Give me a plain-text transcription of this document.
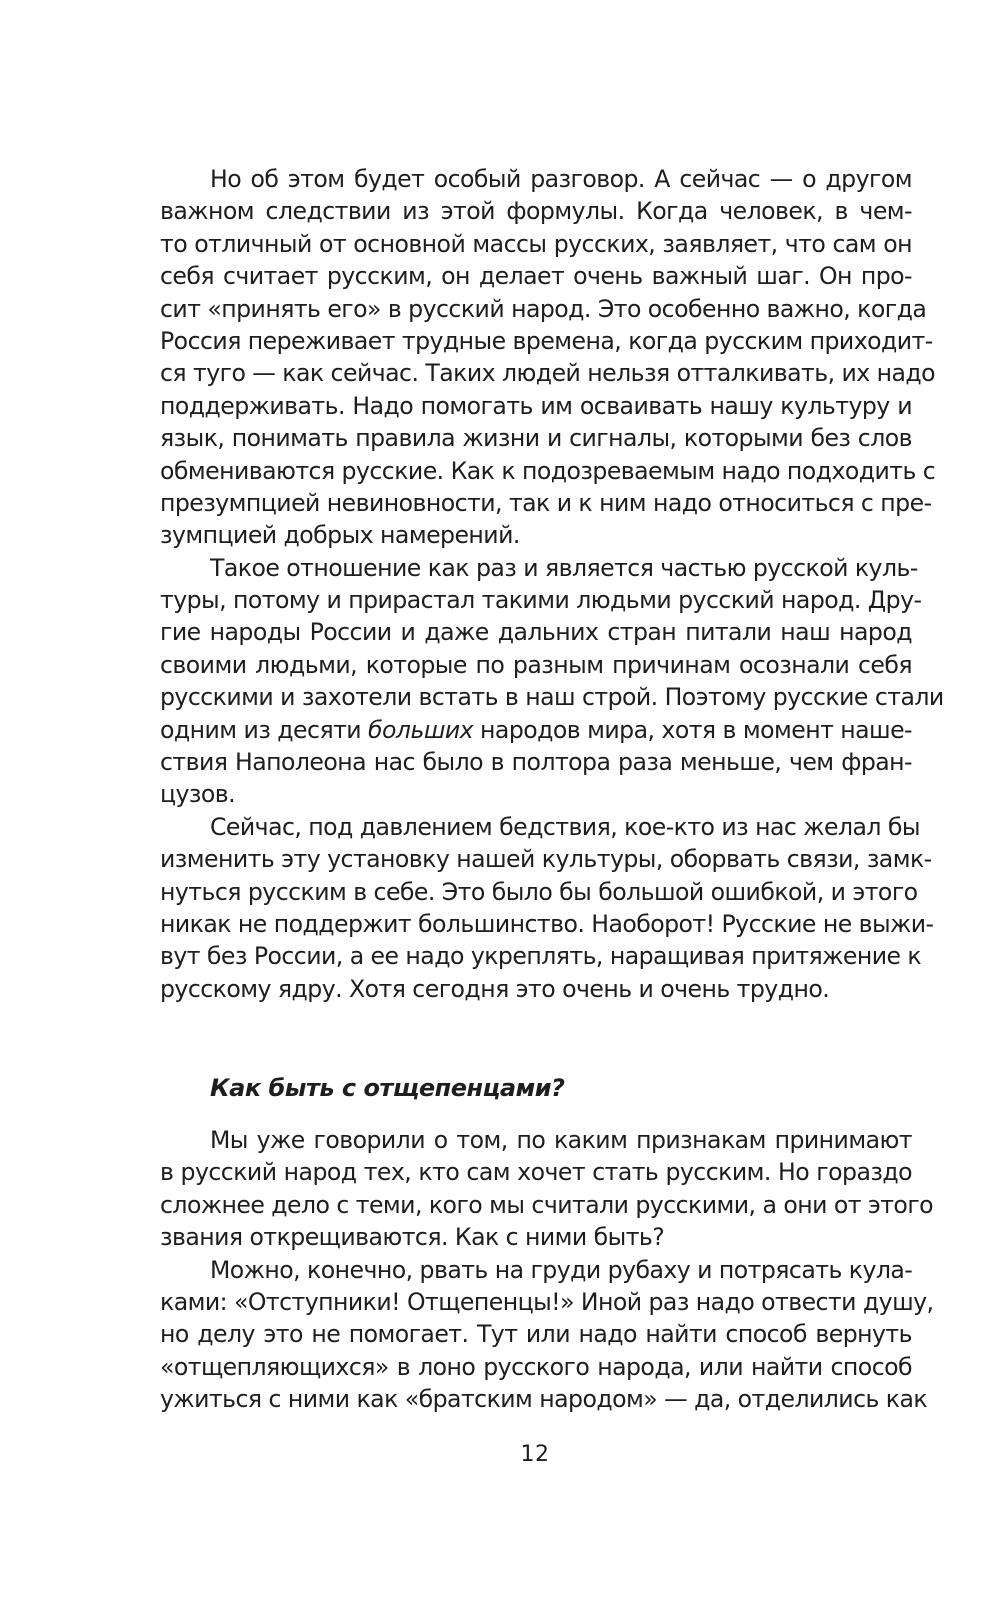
Но об этом будет особый разговор. А сейчас — о другом
важном следствии из этой формулы. Когда человек, в чем-
то отличный от основной массы русских, заявляет, что сам он
себя считает русским, он делает очень важный шаг. Он про-
сит «принять его» в русский народ. Это особенно важно, когда
Россия переживает трудные времена, когда русским приходит-
ся туго — как сейчас. Таких людей нельзя отталкивать, их надо
поддерживать. Надо помогать им осваивать нашу культуру и
язык, понимать правила жизни и сигналы, которыми без слов
обмениваются русские. Как к подозреваемым надо подходить с
презумпцией невиновности, так и к ним надо относиться с пре-
зумпцией добрых намерений.
Такое отношение как раз и является частью русской куль-
туры, потому и прирастал такими людьми русский народ. Дру-
гие народы России и даже дальних стран питали наш народ
своими людьми, которые по разным причинам осознали себя
русскими и захотели встать в наш строй. Поэтому русские стали
одним из десяти больших народов мира, хотя в момент наше-
ствия Наполеона нас было в полтора раза меньше, чем фран-
цузов.
Сейчас, под давлением бедствия, кое-кто из нас желал бы
изменить эту установку нашей культуры, оборвать связи, замк-
нуться русским в себе. Это было бы большой ошибкой, и этого
никак не поддержит большинство. Наоборот! Русские не выжи-
вут без России, а ее надо укреплять, наращивая притяжение к
русскому ядру. Хотя сегодня это очень и очень трудно.
Как быть с отщепенцами?
Мы уже говорили о том, по каким признакам принимают
в русский народ тех, кто сам хочет стать русским. Но гораздо
сложнее дело с теми, кого мы считали русскими, а они от этого
звания открещиваются. Как с ними быть?
Можно, конечно, рвать на груди рубаху и потрясать кула-
ками: «Отступники! Отщепенцы!» Иной раз надо отвести душу,
но делу это не помогает. Тут или надо найти способ вернуть
«отщепляющихся» в лоно русского народа, или найти способ
ужиться с ними как «братским народом» — да, отделились как
12
